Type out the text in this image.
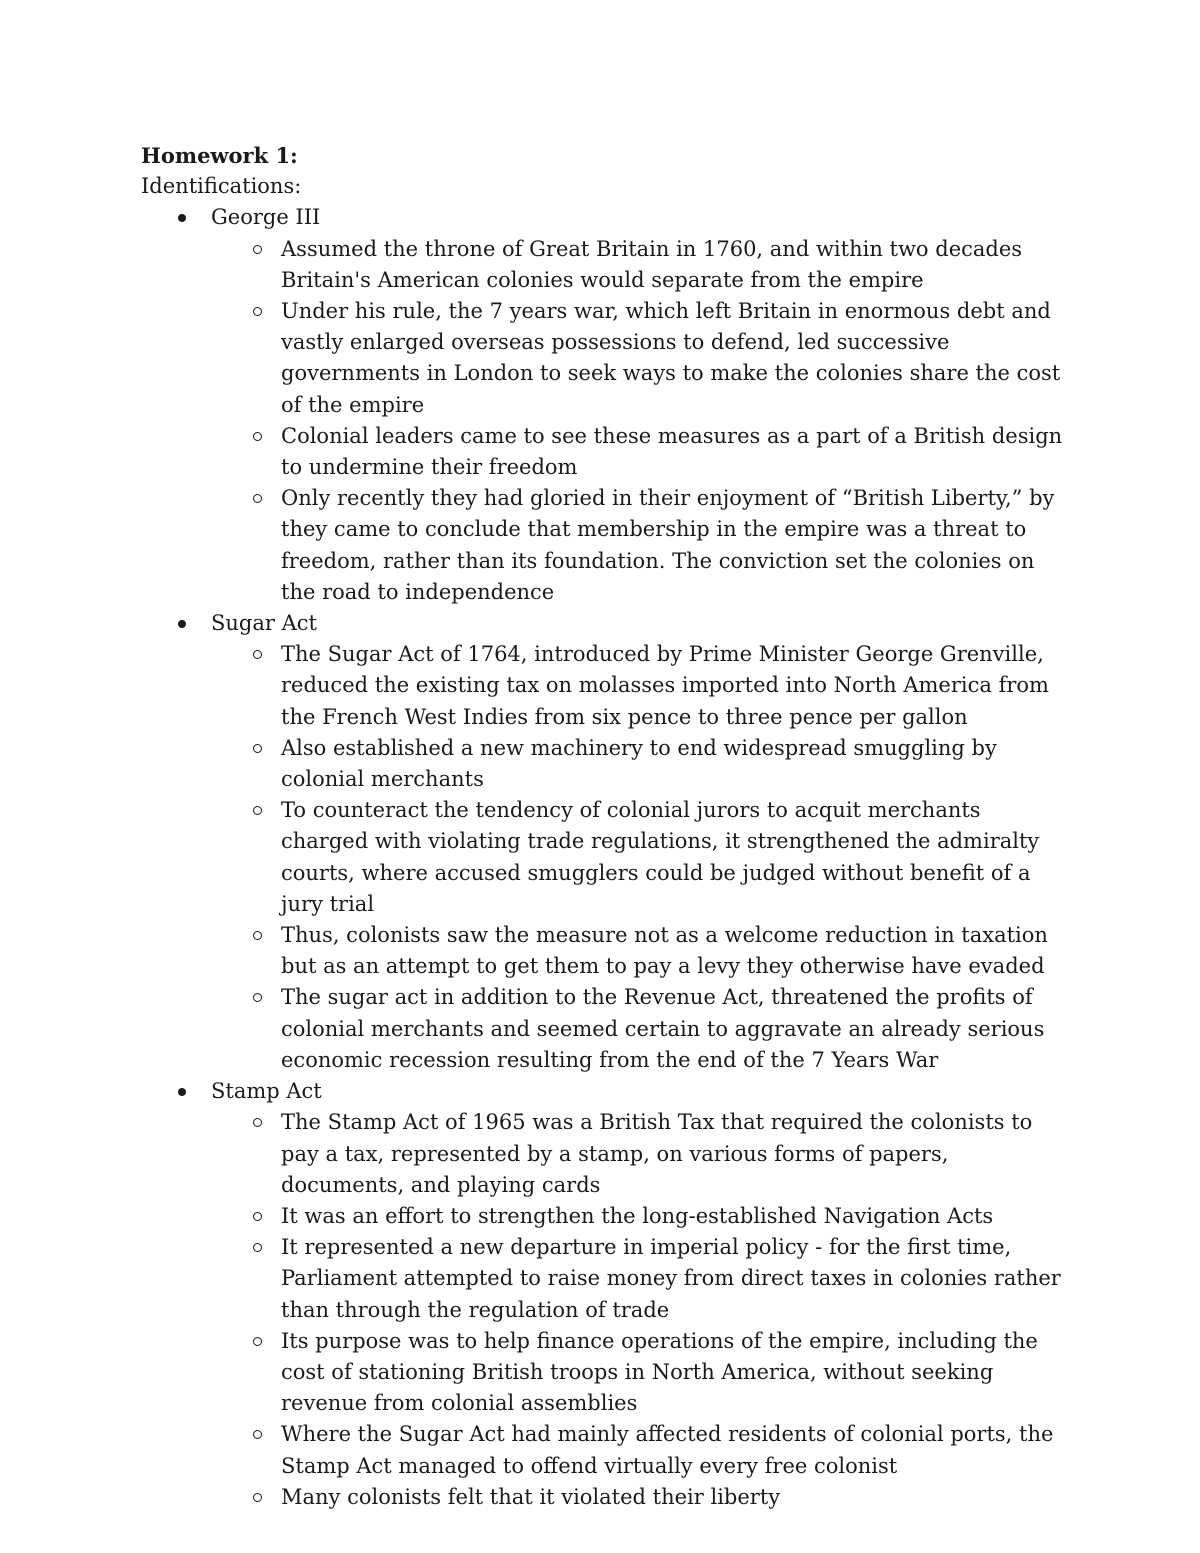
Homework 1:

Identifications:

George III
Assumed the throne of Great Britain in 1760, and within two decades Britain's American colonies would separate from the empire
Under his rule, the 7 years war, which left Britain in enormous debt and vastly enlarged overseas possessions to defend, led successive governments in London to seek ways to make the colonies share the cost of the empire
Colonial leaders came to see these measures as a part of a British design to undermine their freedom
Only recently they had gloried in their enjoyment of “British Liberty,” by they came to conclude that membership in the empire was a threat to freedom, rather than its foundation. The conviction set the colonies on the road to independence
Sugar Act
The Sugar Act of 1764, introduced by Prime Minister George Grenville, reduced the existing tax on molasses imported into North America from the French West Indies from six pence to three pence per gallon
Also established a new machinery to end widespread smuggling by colonial merchants
To counteract the tendency of colonial jurors to acquit merchants charged with violating trade regulations, it strengthened the admiralty courts, where accused smugglers could be judged without benefit of a jury trial
Thus, colonists saw the measure not as a welcome reduction in taxation but as an attempt to get them to pay a levy they otherwise have evaded
The sugar act in addition to the Revenue Act, threatened the profits of colonial merchants and seemed certain to aggravate an already serious economic recession resulting from the end of the 7 Years War
Stamp Act
The Stamp Act of 1965 was a British Tax that required the colonists to pay a tax, represented by a stamp, on various forms of papers, documents, and playing cards
It was an effort to strengthen the long-established Navigation Acts
It represented a new departure in imperial policy - for the first time, Parliament attempted to raise money from direct taxes in colonies rather than through the regulation of trade
Its purpose was to help finance operations of the empire, including the cost of stationing British troops in North America, without seeking revenue from colonial assemblies
Where the Sugar Act had mainly affected residents of colonial ports, the Stamp Act managed to offend virtually every free colonist
Many colonists felt that it violated their liberty
